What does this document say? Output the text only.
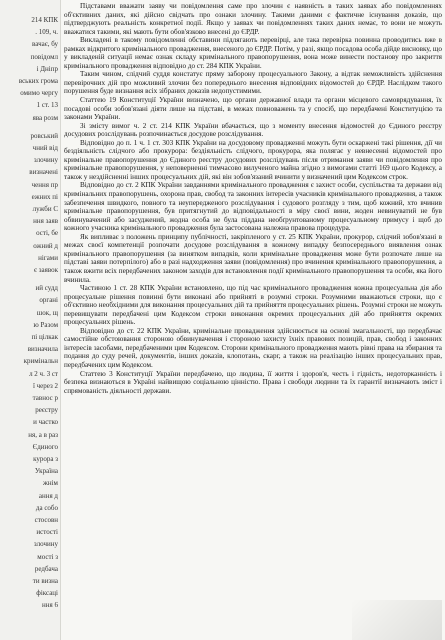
214 КПК
. 109, ч.
вачає, бу
повідомл
і Дніпр
вських грома
омимо чергу
1 ст. 13
ява розм
ровський
чний від
злочину
визначені
чення пр
ежних пі
лужби С
ння заяв
ості, бе
ожний д
нігами
є заявок
ий судд
органі
шок, щ
ю Разом
пі цілкак
визначила
кримінальн
л 2 ч. 3 ст
ї через 2
тавнос р
реєстру
и частко
ня, а в раз
Єдиного
курора з
Україна
жнім
ання д
да собо
стосовн
истості
злочину
мості з
редбача
ти визна
фіксаці
ння 6

Підставами вважати заяву чи повідомлення саме про злочин є наявність в таких заявах або повідомленнях об'єктивних даних, які дійсно свідчать про ознаки злочину. Такими даними є фактичне існування доказів, що підтверджують реальність конкретної події. Якщо у заявах чи повідомленнях таких даних немає, то вони не можуть вважатися такими, які мають бути обов'язково внесені до ЄРДР.

Викладені в такому повідомленні обставини підлягають перевірці, але така перевірка повинна проводитись вже в рамках відкритого кримінального провадження, внесеного до ЄРДР. Потім, у разі, якщо посадова особа дійде висновку, що у викладеній ситуації немає ознак складу кримінального правопорушення, вона може винести постанову про закриття кримінального провадження відповідно до ст. 284 КПК України.

Таким чином, слідчий суддя констатує пряму заборону процесуального Закону, а відтак неможливість здійснення перевірочних дій про можливий злочин без попереднього внесення відповідних відомостей до ЄРДР. Наслідком такого порушення буде визнання всіх зібраних доказів недопустимими.

Статтею 19 Конституції України визначено, що органи державної влади та органи місцевого самоврядування, їх посадові особи зобов'язані діяти лише на підставі, в межах повноважень та у спосіб, що передбачені Конституцією та законами України.

Зі змісту вимог ч. 2 ст. 214 КПК України вбачається, що з моменту внесення відомостей до Єдиного реєстру досудових розслідувань розпочинається досудове розслідування.

Відповідно до п. 1 ч. 1 ст. 303 КПК України на досудовому провадженні можуть бути оскаржені такі рішення, дії чи бездіяльність слідчого або прокурора: бездіяльність слідчого, прокурора, яка полягає у невнесенні відомостей про кримінальне правопорушення до Єдиного реєстру досудових розслідувань після отримання заяви чи повідомлення про кримінальне правопорушення, у неповерненні тимчасово вилученого майна згідно з вимогами статті 169 цього Кодексу, а також у нездійсненні інших процесуальних дій, які він зобов'язаний вчинити у визначений цим Кодексом строк.

Відповідно до ст. 2 КПК України завданнями кримінального провадження є захист особи, суспільства та держави від кримінальних правопорушень, охорона прав, свобод та законних інтересів учасників кримінального провадження, а також забезпечення швидкого, повного та неупередженого розслідування і судового розгляду з тим, щоб кожний, хто вчинив кримінальне правопорушення, був притягнутий до відповідальності в міру своєї вини, жоден невинуватий не був обвинувачений або засуджений, жодна особа не була піддана необґрунтованому процесуальному примусу і щоб до кожного учасника кримінального провадження була застосована належна правова процедура.

Як випливає з положень принципу публічності, закріпленого у ст. 25 КПК України, прокурор, слідчий зобов'язані в межах своєї компетенції розпочати досудове розслідування в кожному випадку безпосереднього виявлення ознак кримінального правопорушення (за винятком випадків, коли кримінальне провадження може бути розпочате лише на підставі заяви потерпілого) або в разі надходження заяви (повідомлення) про вчинення кримінального правопорушення, а також вжити всіх передбачених законом заходів для встановлення події кримінального правопорушення та особи, яка його вчинила.

Частиною 1 ст. 28 КПК України встановлено, що під час кримінального провадження кожна процесуальна дія або процесуальне рішення повинні бути виконані або прийняті в розумні строки. Розумними вважаються строки, що є об'єктивно необхідними для виконання процесуальних дій та прийняття процесуальних рішень. Розумні строки не можуть перевищувати передбачені цим Кодексом строки виконання окремих процесуальних дій або прийняття окремих процесуальних рішень.

Відповідно до ст. 22 КПК України, кримінальне провадження здійснюється на основі змагальності, що передбачає самостійне обстоювання стороною обвинувачення і стороною захисту їхніх правових позицій, прав, свобод і законних інтересів засобами, передбаченими цим Кодексом. Сторони кримінального провадження мають рівні права на збирання та подання до суду речей, документів, інших доказів, клопотань, скарг, а також на реалізацію інших процесуальних прав, передбачених цим Кодексом.

Статтею 3 Конституції України передбачено, що людина, її життя і здоров'я, честь і гідність, недоторканність і безпека визнаються в Україні найвищою соціальною цінністю. Права і свободи людини та їх гарантії визначають зміст і спрямованість діяльності держави.
